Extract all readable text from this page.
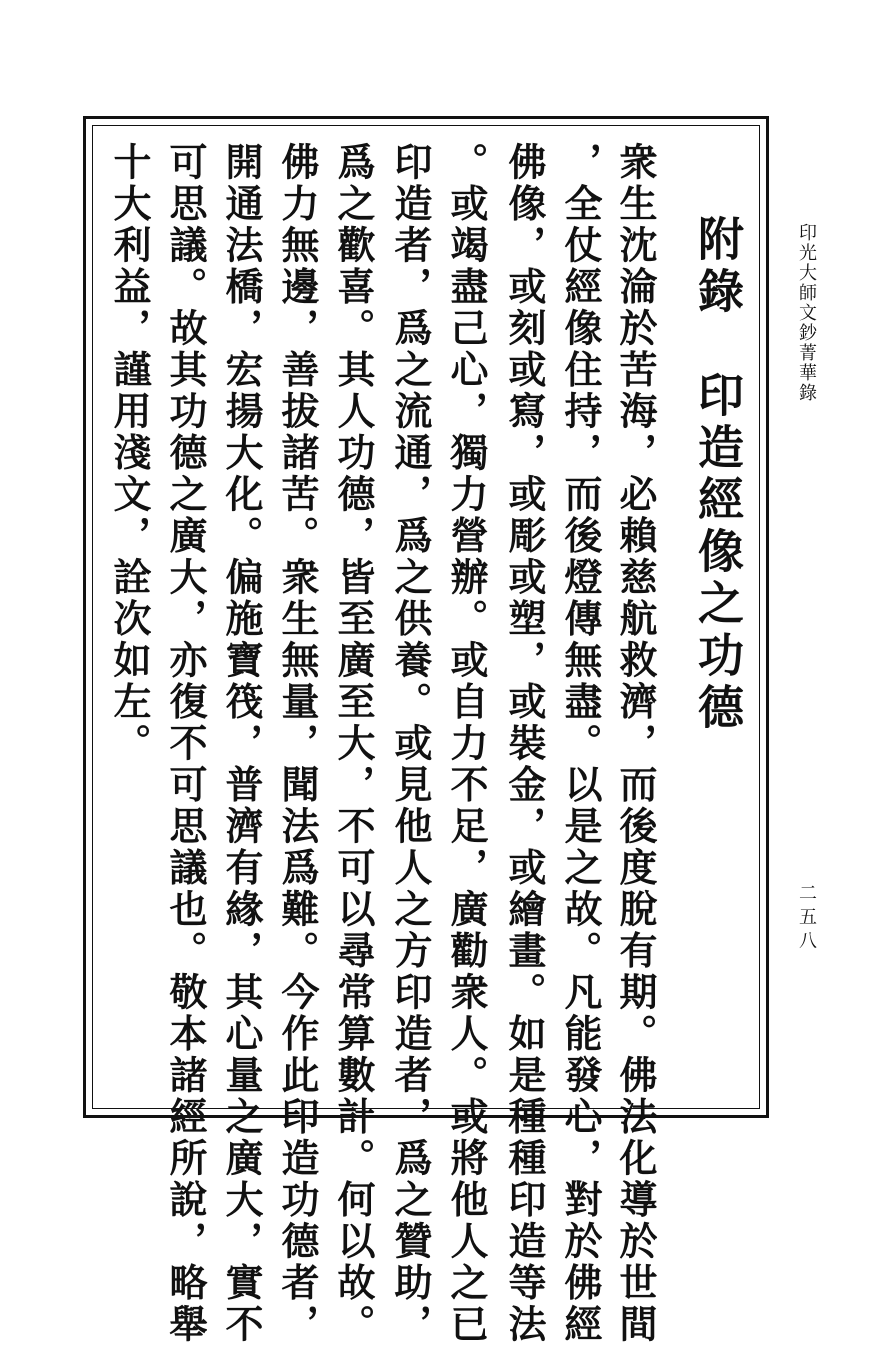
附錄　印造經像之功德
衆生沈淪於苦海，必賴慈航救濟，而後度脫有期。佛法化導於世間
，全仗經像住持，而後燈傳無盡。以是之故。凡能發心，對於佛經
佛像，或刻或寫，或彫或塑，或裝金，或繪畫。如是種種印造等法
。或竭盡己心，獨力營辦。或自力不足，廣勸衆人。或將他人之已
印造者，爲之流通，爲之供養。或見他人之方印造者，爲之贊助，
爲之歡喜。其人功德，皆至廣至大，不可以尋常算數計。何以故。
佛力無邊，善拔諸苦。衆生無量，聞法爲難。今作此印造功德者，
開通法橋，宏揚大化。偏施寶筏，普濟有緣，其心量之廣大，實不
可思議。故其功德之廣大，亦復不可思議也。敬本諸經所說，略舉
十大利益，謹用淺文，詮次如左。	印光大師文鈔菁華錄
二五八
